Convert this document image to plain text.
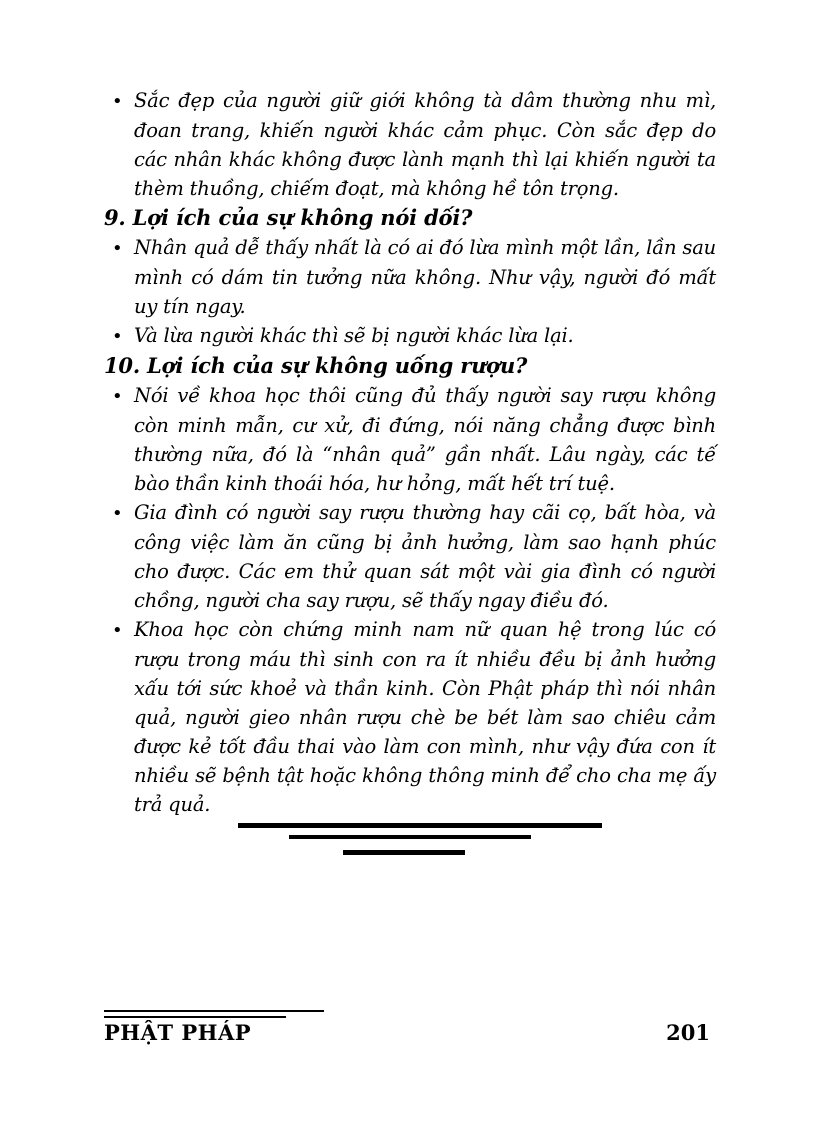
• Sắc đẹp của người giữ giới không tà dâm thường nhu mì, đoan trang, khiến người khác cảm phục. Còn sắc đẹp do các nhân khác không được lành mạnh thì lại khiến người ta thèm thuồng, chiếm đoạt, mà không hề tôn trọng.

9. Lợi ích của sự không nói dối?

• Nhân quả dễ thấy nhất là có ai đó lừa mình một lần, lần sau mình có dám tin tưởng nữa không. Như vậy, người đó mất uy tín ngay.

• Và lừa người khác thì sẽ bị người khác lừa lại.

10. Lợi ích của sự không uống rượu?

• Nói về khoa học thôi cũng đủ thấy người say rượu không còn minh mẫn, cư xử, đi đứng, nói năng chẳng được bình thường nữa, đó là “nhân quả” gần nhất. Lâu ngày, các tế bào thần kinh thoái hóa, hư hỏng, mất hết trí tuệ.

• Gia đình có người say rượu thường hay cãi cọ, bất hòa, và công việc làm ăn cũng bị ảnh hưởng, làm sao hạnh phúc cho được. Các em thử quan sát một vài gia đình có người chồng, người cha say rượu, sẽ thấy ngay điều đó.

• Khoa học còn chứng minh nam nữ quan hệ trong lúc có rượu trong máu thì sinh con ra ít nhiều đều bị ảnh hưởng xấu tới sức khoẻ và thần kinh. Còn Phật pháp thì nói nhân quả, người gieo nhân rượu chè be bét làm sao chiêu cảm được kẻ tốt đầu thai vào làm con mình, như vậy đứa con ít nhiều sẽ bệnh tật hoặc không thông minh để cho cha mẹ ấy trả quả.

PHẬT PHÁP	201
